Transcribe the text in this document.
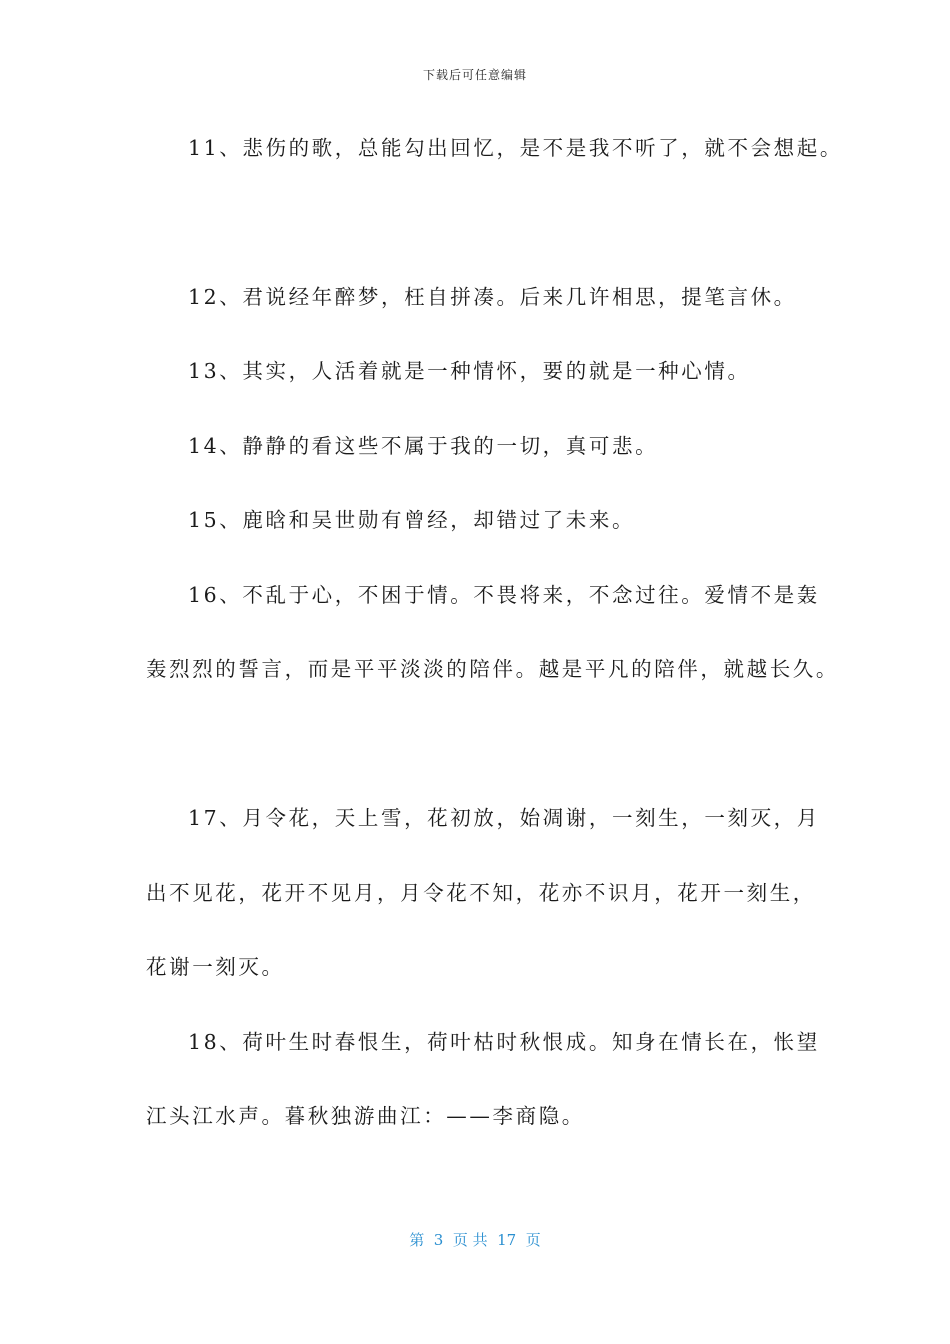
下载后可任意编辑
11、悲伤的歌，总能勾出回忆，是不是我不听了，就不会想起。
12、君说经年醉梦，枉自拼凑。后来几许相思，提笔言休。
13、其实，人活着就是一种情怀，要的就是一种心情。
14、静静的看这些不属于我的一切，真可悲。
15、鹿晗和吴世勋有曾经，却错过了未来。
16、不乱于心，不困于情。不畏将来，不念过往。爱情不是轰
轰烈烈的誓言，而是平平淡淡的陪伴。越是平凡的陪伴，就越长久。
17、月令花，天上雪，花初放，始凋谢，一刻生，一刻灭，月
出不见花，花开不见月，月令花不知，花亦不识月，花开一刻生，
花谢一刻灭。
18、荷叶生时春恨生，荷叶枯时秋恨成。知身在情长在，怅望
江头江水声。暮秋独游曲江：——李商隐。
第  3  页 共  17  页
